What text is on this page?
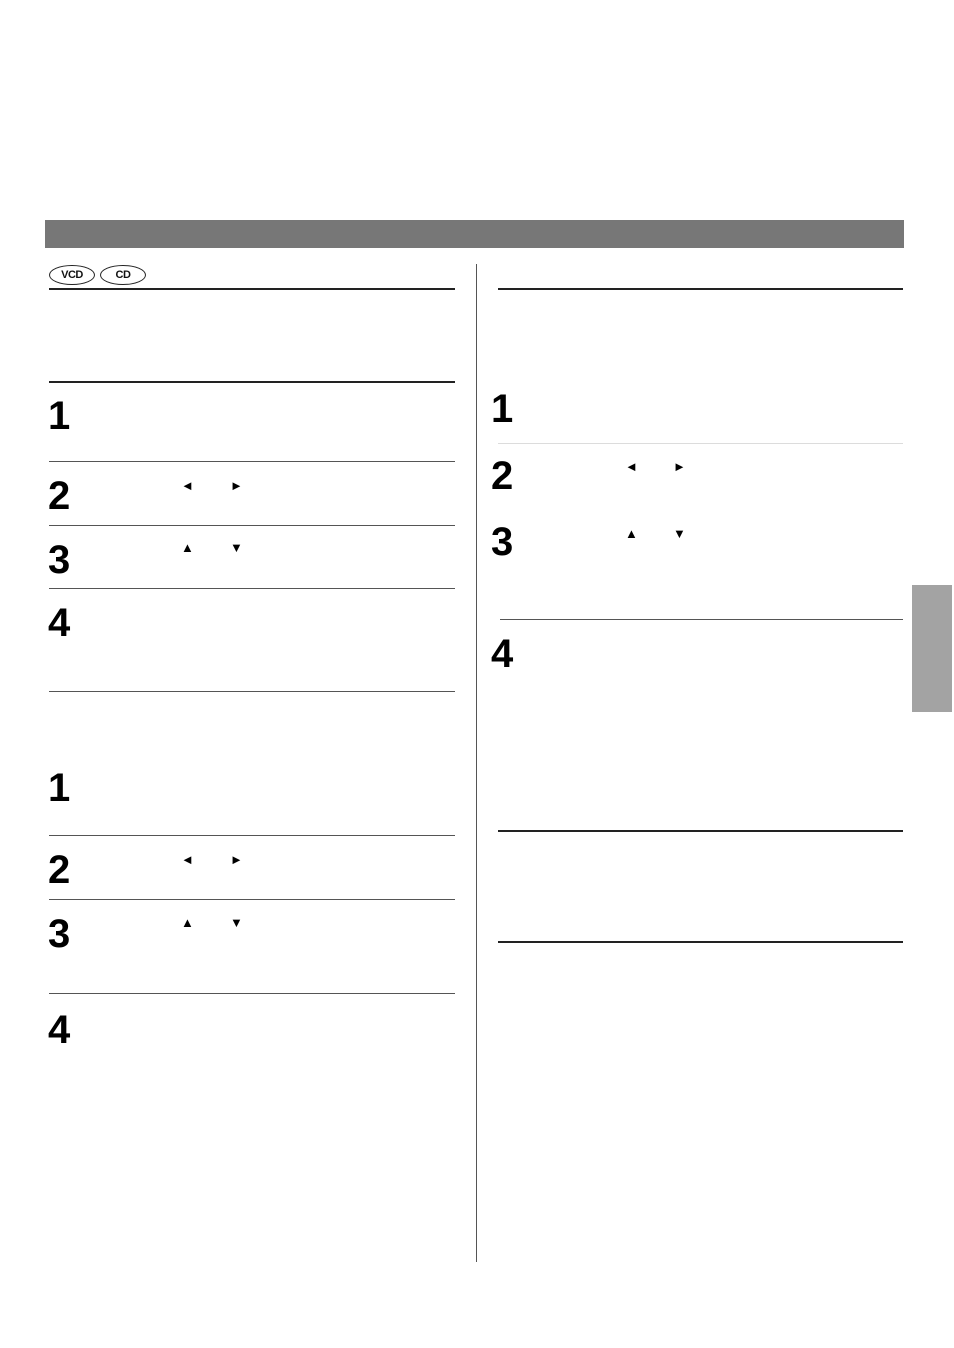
VCD	CD
1
2	◄	►
3	▲	▼
4
1
2	◄	►
3	▲	▼
4
1
2	◄	►
3	▲	▼
4
